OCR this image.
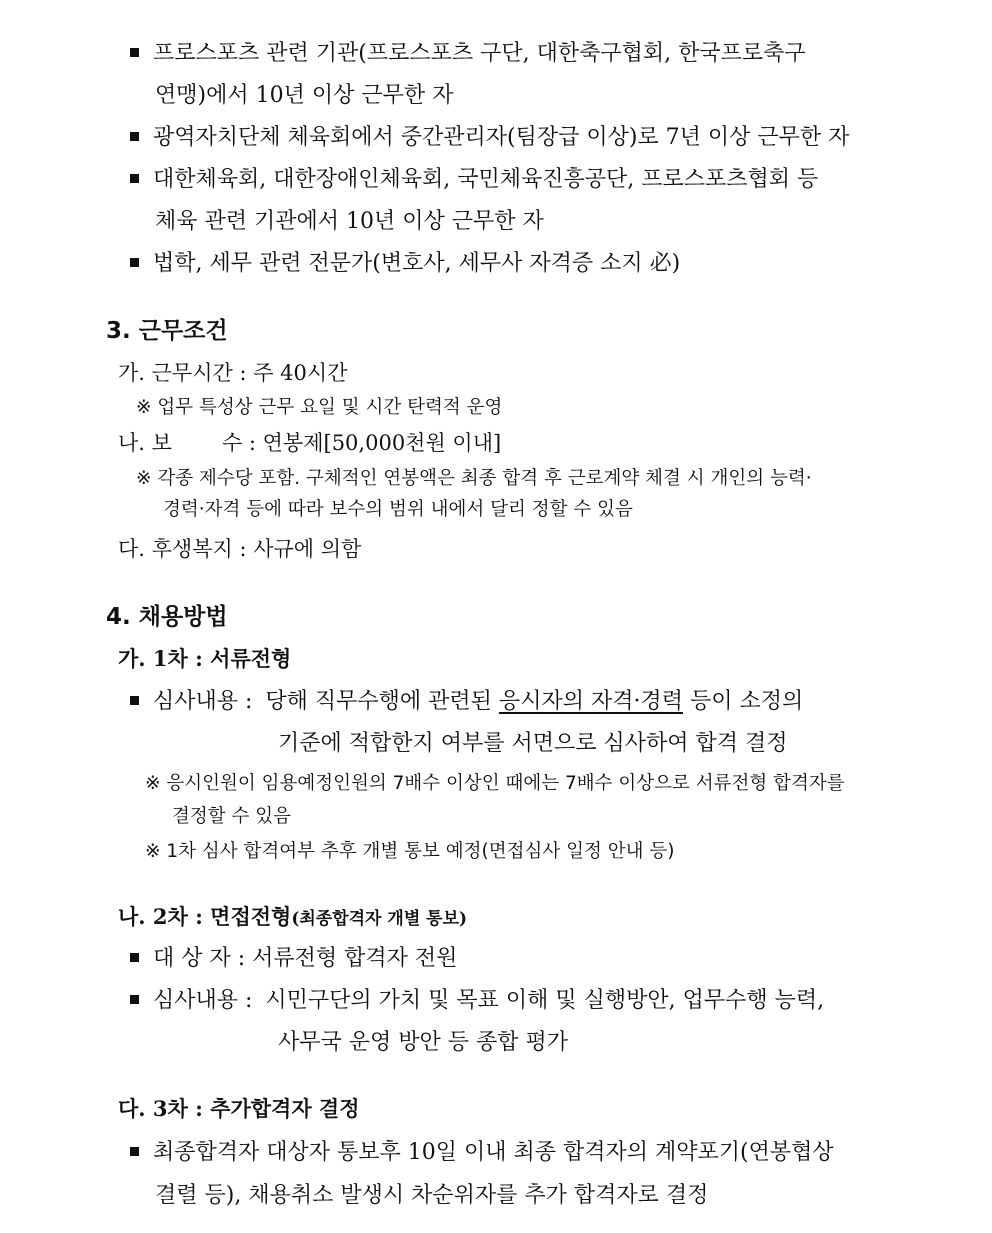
프로스포츠 관련 기관(프로스포츠 구단, 대한축구협회, 한국프로축구
연맹)에서 10년 이상 근무한 자
광역자치단체 체육회에서 중간관리자(팀장급 이상)로 7년 이상 근무한 자
대한체육회, 대한장애인체육회, 국민체육진흥공단, 프로스포츠협회 등
체육 관련 기관에서 10년 이상 근무한 자
법학, 세무 관련 전문가(변호사, 세무사 자격증 소지 必)
3. 근무조건
가. 근무시간 : 주 40시간
※ 업무 특성상 근무 요일 및 시간 탄력적 운영
나. 보 수 : 연봉제[50,000천원 이내]
※ 각종 제수당 포함. 구체적인 연봉액은 최종 합격 후 근로계약 체결 시 개인의 능력·
경력·자격 등에 따라 보수의 범위 내에서 달리 정할 수 있음
다. 후생복지 : 사규에 의함
4. 채용방법
가. 1차 : 서류전형
심사내용 : 당해 직무수행에 관련된 응시자의 자격·경력 등이 소정의
기준에 적합한지 여부를 서면으로 심사하여 합격 결정
※ 응시인원이 임용예정인원의 7배수 이상인 때에는 7배수 이상으로 서류전형 합격자를
결정할 수 있음
※ 1차 심사 합격여부 추후 개별 통보 예정(면접심사 일정 안내 등)
나. 2차 : 면접전형(최종합격자 개별 통보)
대 상 자 : 서류전형 합격자 전원
심사내용 : 시민구단의 가치 및 목표 이해 및 실행방안, 업무수행 능력,
사무국 운영 방안 등 종합 평가
다. 3차 : 추가합격자 결정
최종합격자 대상자 통보후 10일 이내 최종 합격자의 계약포기(연봉협상
결렬 등), 채용취소 발생시 차순위자를 추가 합격자로 결정
